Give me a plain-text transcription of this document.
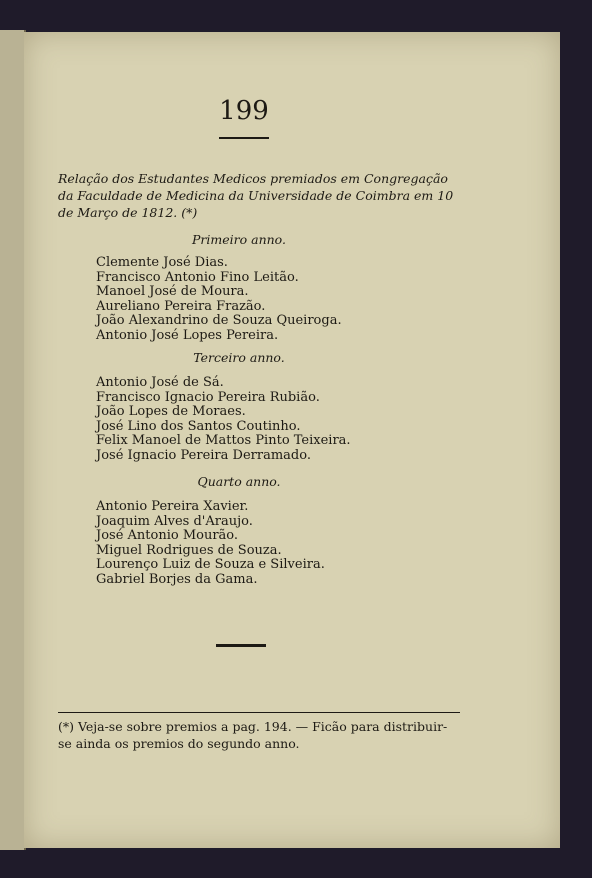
199
Relação dos Estudantes Medicos premiados em Congregação da Faculdade de Medicina da Universidade de Coimbra em 10 de Março de 1812. (*)
Primeiro anno.
Clemente José Dias.
Francisco Antonio Fino Leitão.
Manoel José de Moura.
Aureliano Pereira Frazão.
João Alexandrino de Souza Queiroga.
Antonio José Lopes Pereira.
Terceiro anno.
Antonio José de Sá.
Francisco Ignacio Pereira Rubião.
João Lopes de Moraes.
José Lino dos Santos Coutinho.
Felix Manoel de Mattos Pinto Teixeira.
José Ignacio Pereira Derramado.
Quarto anno.
Antonio Pereira Xavier.
Joaquim Alves d'Araujo.
José Antonio Mourão.
Miguel Rodrigues de Souza.
Lourenço Luiz de Souza e Silveira.
Gabriel Borjes da Gama.
(*) Veja-se sobre premios a pag. 194. — Ficão para distribuir-se ainda os premios do segundo anno.
